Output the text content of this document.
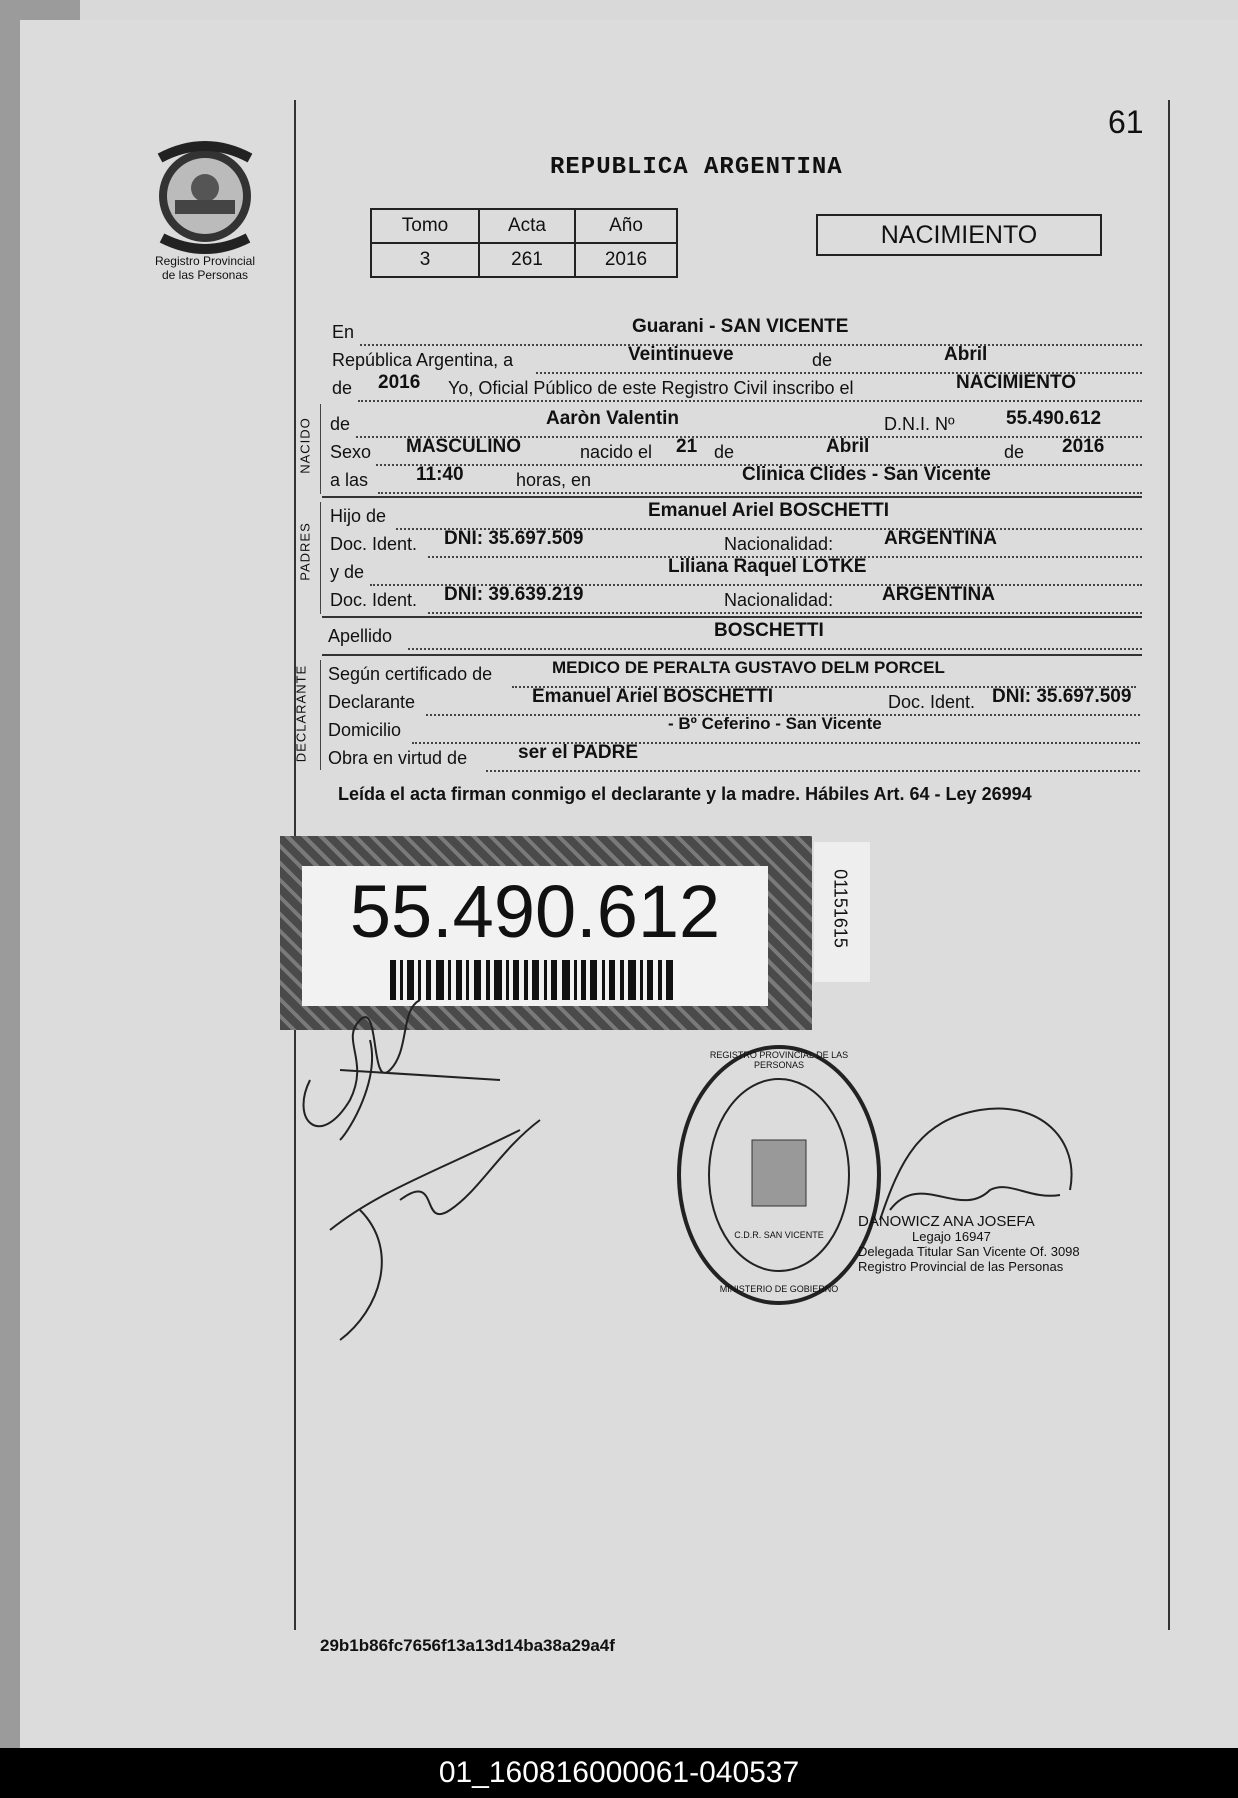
61
Registro Provincial
de las Personas
REPUBLICA ARGENTINA
Tomo	Acta	Año
3	261	2016
NACIMIENTO
En	Guarani - SAN VICENTE
República Argentina, a	Veintinueve	de	Abril
de 2016 Yo, Oficial Público de este Registro Civil inscribo el	NACIMIENTO
NACIDO de	Aaròn Valentin	D.N.I. Nº	55.490.612
Sexo MASCULINO	nacido el 21 de	Abril	de 2016
a las	11:40	horas, en	Clinica Clides - San Vicente
PADRES
Hijo de	Emanuel Ariel BOSCHETTI
Doc. Ident. DNI: 35.697.509	Nacionalidad:	ARGENTINA
y de	Liliana Raquel LOTKE
Doc. Ident. DNI: 39.639.219	Nacionalidad:	ARGENTINA
Apellido	BOSCHETTI
DECLARANTE Según certificado de	MEDICO DE PERALTA GUSTAVO DELM PORCEL
Declarante	Emanuel Ariel BOSCHETTI	Doc. Ident. DNI: 35.697.509
Domicilio	- Bº Ceferino - San Vicente
Obra en virtud de	ser el PADRE
Leída el acta firman conmigo el declarante y la madre. Hábiles Art. 64 - Ley 26994
55.490.612	01151615
REGISTRO PROVINCIAL DE LAS PERSONAS
C.D.R. SAN VICENTE
MINISTERIO DE GOBIERNO
DANOWICZ ANA JOSEFA
Legajo 16947
Delegada Titular San Vicente Of. 3098
Registro Provincial de las Personas
29b1b86fc7656f13a13d14ba38a29a4f
01_160816000061-040537
